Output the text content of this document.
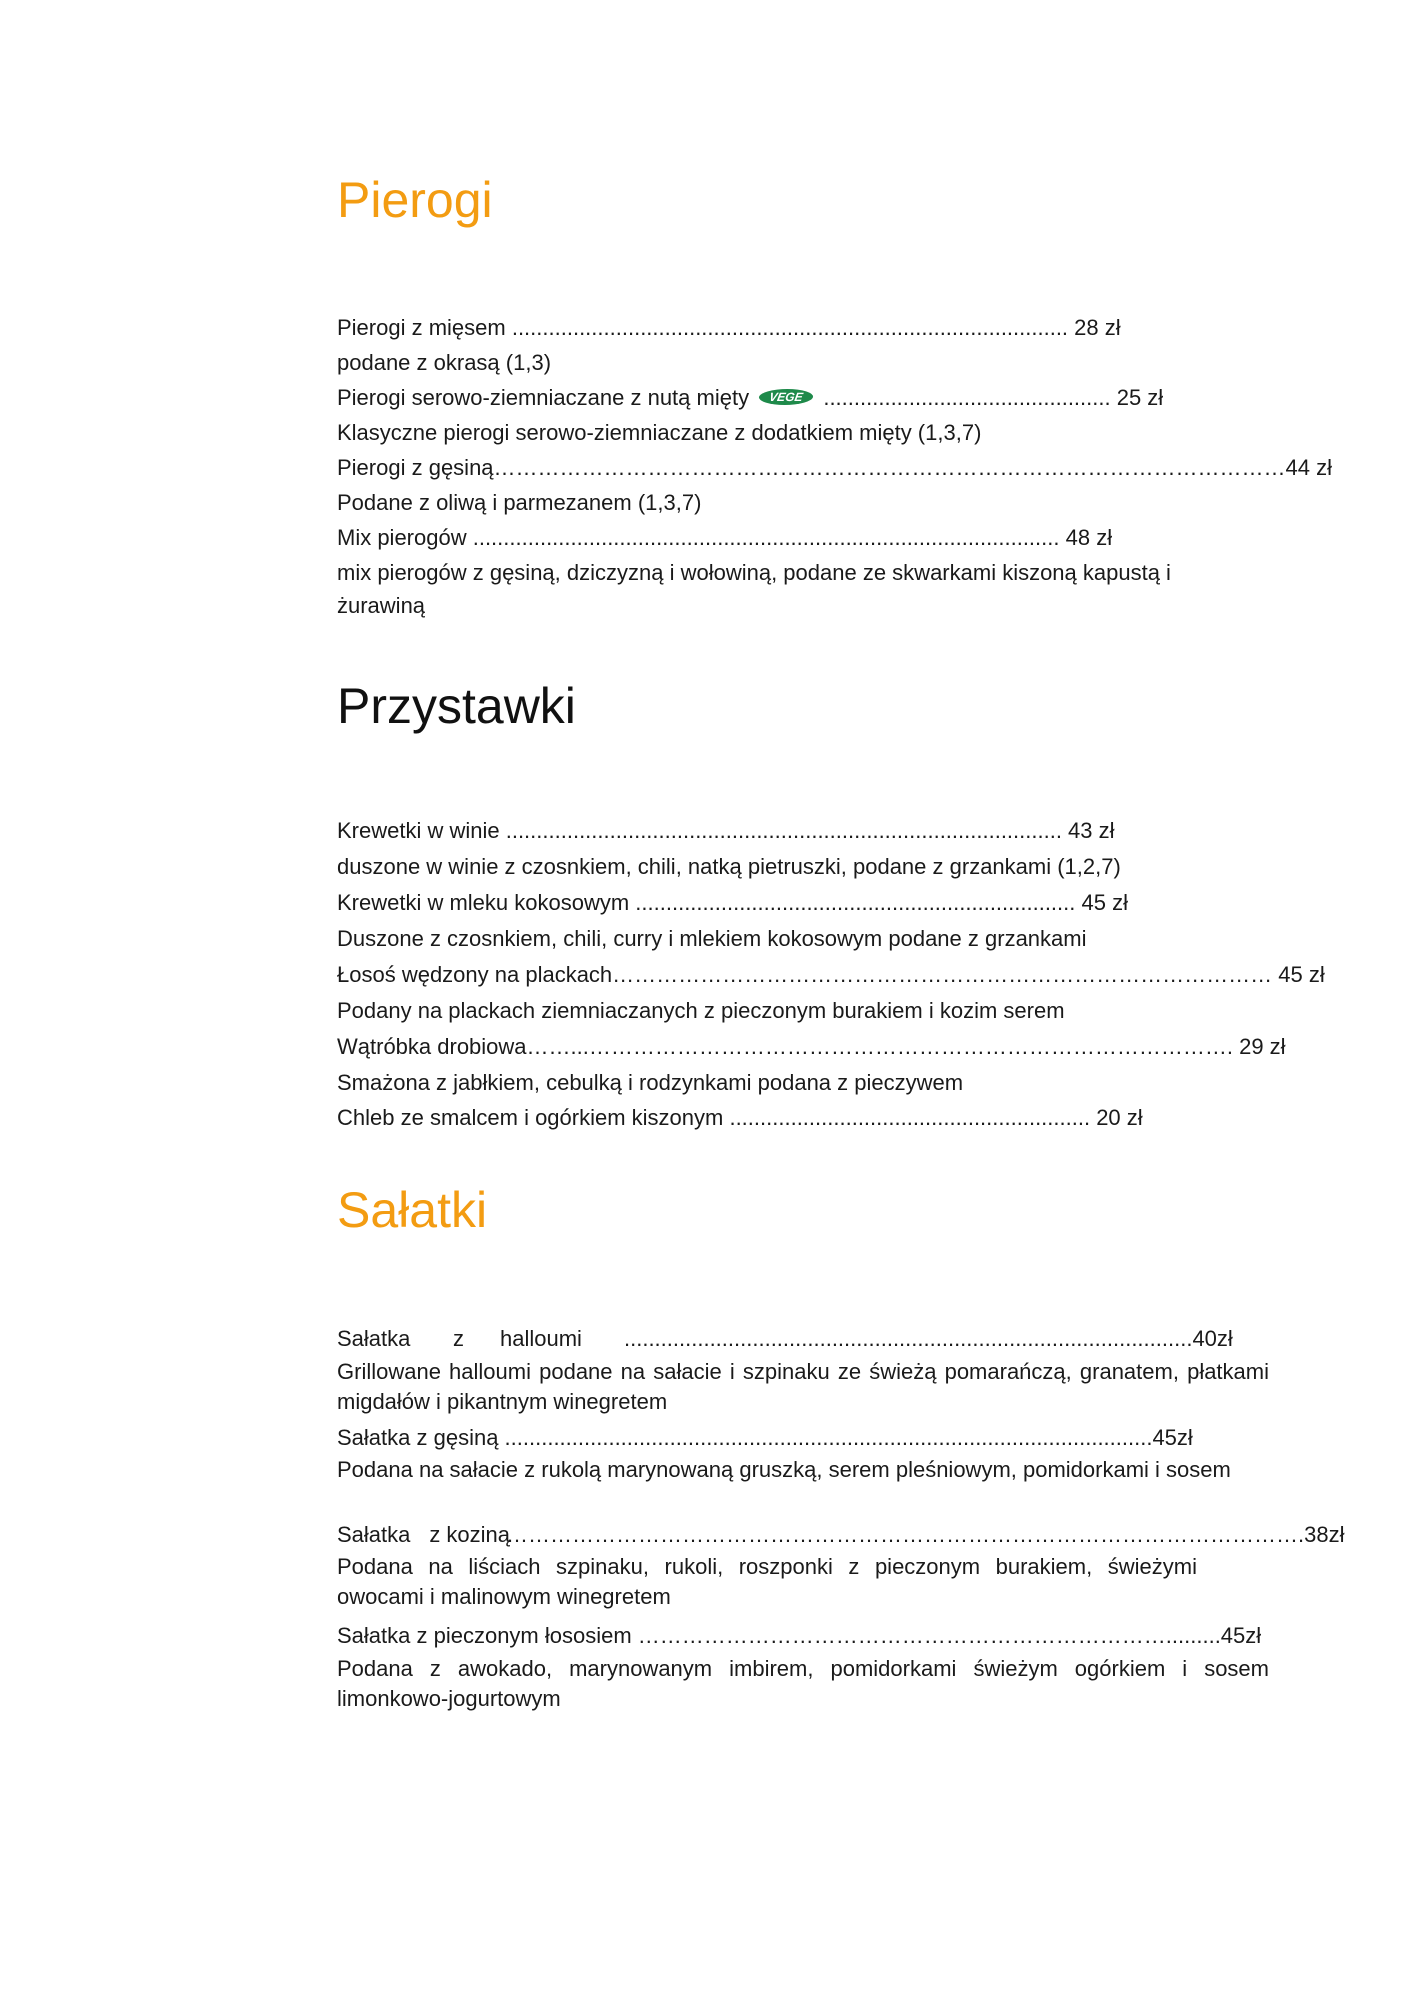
Pierogi
Pierogi z mięsem ........................................................................................... 28 zł
podane z okrasą (1,3)
Pierogi serowo-ziemniaczane z nutą mięty VEGE ............................................... 25 zł
Klasyczne pierogi serowo-ziemniaczane z dodatkiem mięty (1,3,7)
Pierogi z gęsiną………………………………………………………………………………………………44 zł
Podane z oliwą i parmezanem (1,3,7)
Mix pierogów ................................................................................................ 48 zł
mix pierogów z gęsiną, dziczyzną i wołowiną, podane ze skwarkami kiszoną kapustą i
żurawiną
Przystawki
Krewetki w winie ........................................................................................... 43 zł
duszone w winie z czosnkiem, chili, natką pietruszki, podane z grzankami (1,2,7)
Krewetki w mleku kokosowym ........................................................................ 45 zł
Duszone z czosnkiem, chili, curry i mlekiem kokosowym podane z grzankami
Łosoś wędzony na plackach……………………………………………………………………………… 45 zł
Podany na plackach ziemniaczanych z pieczonym burakiem i kozim serem
Wątróbka drobiowa……...……………………………………………………………………………. 29 zł
Smażona z jabłkiem, cebulką i rodzynkami podana z pieczywem
Chleb ze smalcem i ogórkiem kiszonym ........................................................... 20 zł
Sałatki
Sałatka	z	halloumi	.............................................................................................40zł
Grillowane halloumi podane na sałacie i szpinaku ze świeżą pomarańczą, granatem, płatkami migdałów i pikantnym winegretem
Sałatka z gęsiną ..........................................................................................................45zł
Podana na sałacie z rukolą marynowaną gruszką, serem pleśniowym, pomidorkami i sosem
Sałatka z koziną
……………………………………………………………………………………………….38zł
Podana na liściach szpinaku, rukoli, roszponki z pieczonym burakiem, świeżymi owocami i malinowym winegretem
Sałatka z pieczonym łososiem ……………………………………………………………….........45zł
Podana z awokado, marynowanym imbirem, pomidorkami świeżym ogórkiem i sosem limonkowo-jogurtowym
